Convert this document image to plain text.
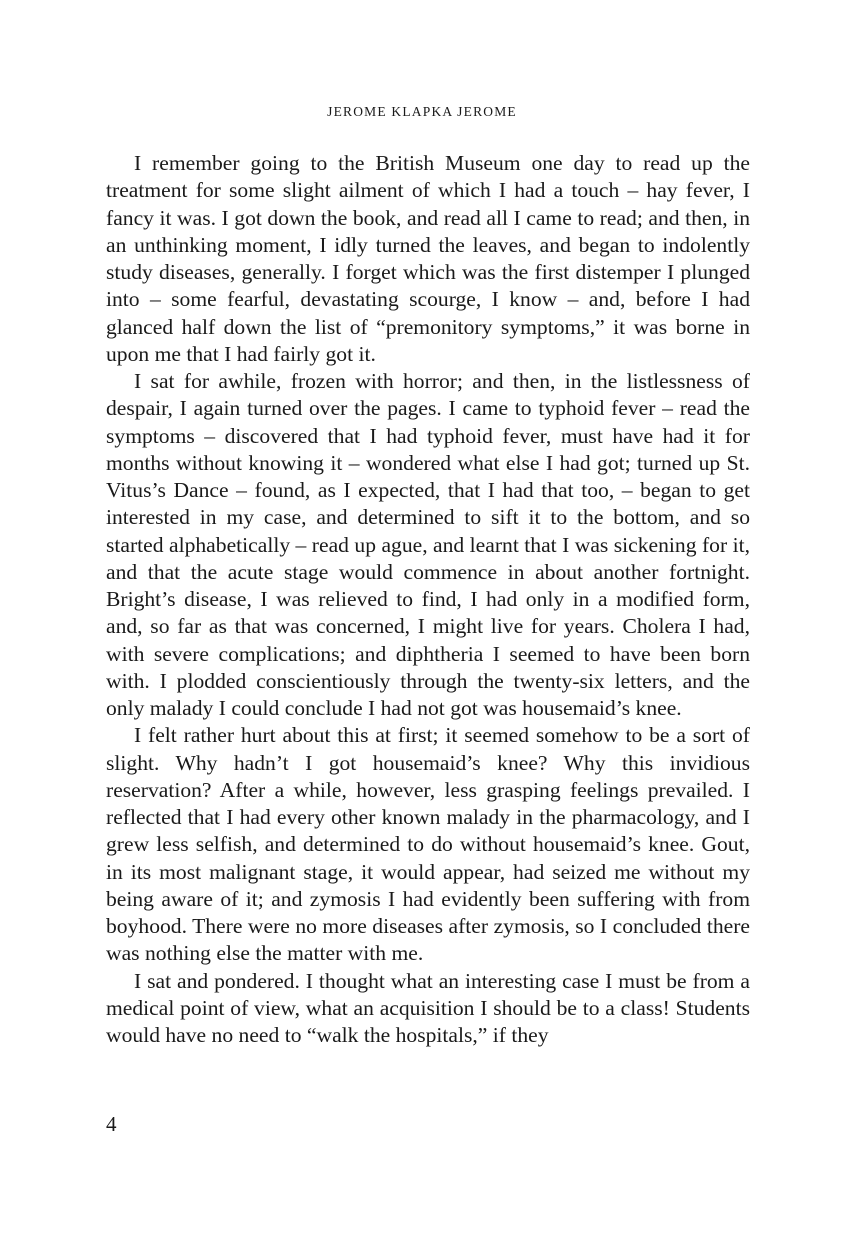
JEROME KLAPKA JEROME

I remember going to the British Museum one day to read up the treatment for some slight ailment of which I had a touch – hay fever, I fancy it was. I got down the book, and read all I came to read; and then, in an unthinking moment, I idly turned the leaves, and began to indolently study diseases, generally. I forget which was the first distemper I plunged into – some fearful, devastating scourge, I know – and, before I had glanced half down the list of “premonitory symptoms,” it was borne in upon me that I had fairly got it.

I sat for awhile, frozen with horror; and then, in the listlessness of despair, I again turned over the pages. I came to typhoid fever – read the symptoms – discovered that I had typhoid fever, must have had it for months without knowing it – wondered what else I had got; turned up St. Vitus’s Dance – found, as I expected, that I had that too, – began to get interested in my case, and determined to sift it to the bottom, and so started alphabetically – read up ague, and learnt that I was sickening for it, and that the acute stage would commence in about another fortnight. Bright’s disease, I was relieved to find, I had only in a modified form, and, so far as that was concerned, I might live for years. Cholera I had, with severe complications; and diphtheria I seemed to have been born with. I plodded conscientiously through the twenty-six letters, and the only malady I could conclude I had not got was housemaid’s knee.

I felt rather hurt about this at first; it seemed somehow to be a sort of slight. Why hadn’t I got housemaid’s knee? Why this invidious reservation? After a while, however, less grasping feelings prevailed. I reflected that I had every other known malady in the pharmacology, and I grew less selfish, and determined to do without housemaid’s knee. Gout, in its most malignant stage, it would appear, had seized me without my being aware of it; and zymosis I had evidently been suffering with from boyhood. There were no more diseases after zymosis, so I concluded there was nothing else the matter with me.

I sat and pondered. I thought what an interesting case I must be from a medical point of view, what an acquisition I should be to a class! Students would have no need to “walk the hospitals,” if they

4
